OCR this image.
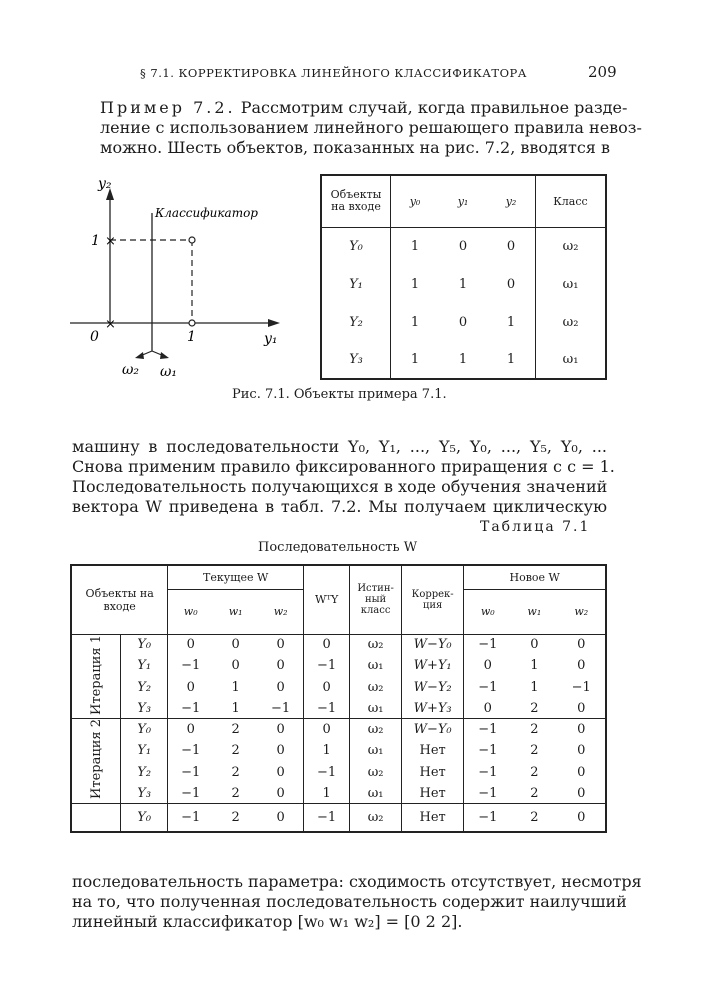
§ 7.1. КОРРЕКТИРОВКА ЛИНЕЙНОГО КЛАССИФИКАТОРА	209
Пример 7.2. Рассмотрим случай, когда правильное разде-
ление с использованием линейного решающего правила невоз-
можно. Шесть объектов, показанных на рис. 7.2, вводятся в
×
×
y₂
y₁
Классификатор
1
0	1
ω₂ ω₁
Объекты на входе	y₀	y₁	y₂	Класс
Y₀	1	0	0	ω₂
Y₁	1	1	0	ω₁
Y₂	1	0	1	ω₂
Y₃	1	1	1	ω₁
Рис. 7.1. Объекты примера 7.1.
машину в последовательности Y₀, Y₁, ..., Y₅, Y₀, ..., Y₅, Y₀, ...
Снова применим правило фиксированного приращения с c = 1.
Последовательность получающихся в ходе обучения значений
вектора W приведена в табл. 7.2. Мы получаем циклическую
Таблица 7.1
Последовательность W
Объекты на входе		Текущее W			WᵀY	Истин-ный класс	Коррек-ция	Новое W		
		w₀	w₁	w₂				w₀	w₁	w₂
Итерация 1	Y₀	0	0	0	0	ω₂	W−Y₀	−1	0	0
	Y₁	−1	0	0	−1	ω₁	W+Y₁	0	1	0
	Y₂	0	1	0	0	ω₂	W−Y₂	−1	1	−1
	Y₃	−1	1	−1	−1	ω₁	W+Y₃	0	2	0
Итерация 2	Y₀	0	2	0	0	ω₂	W−Y₀	−1	2	0
	Y₁	−1	2	0	1	ω₁	Нет	−1	2	0
	Y₂	−1	2	0	−1	ω₂	Нет	−1	2	0
	Y₃	−1	2	0	1	ω₁	Нет	−1	2	0
	Y₀	−1	2	0	−1	ω₂	Нет	−1	2	0
последовательность параметра: сходимость отсутствует, несмотря
на то, что полученная последовательность содержит наилучший
линейный классификатор [w₀ w₁ w₂] = [0 2 2].
